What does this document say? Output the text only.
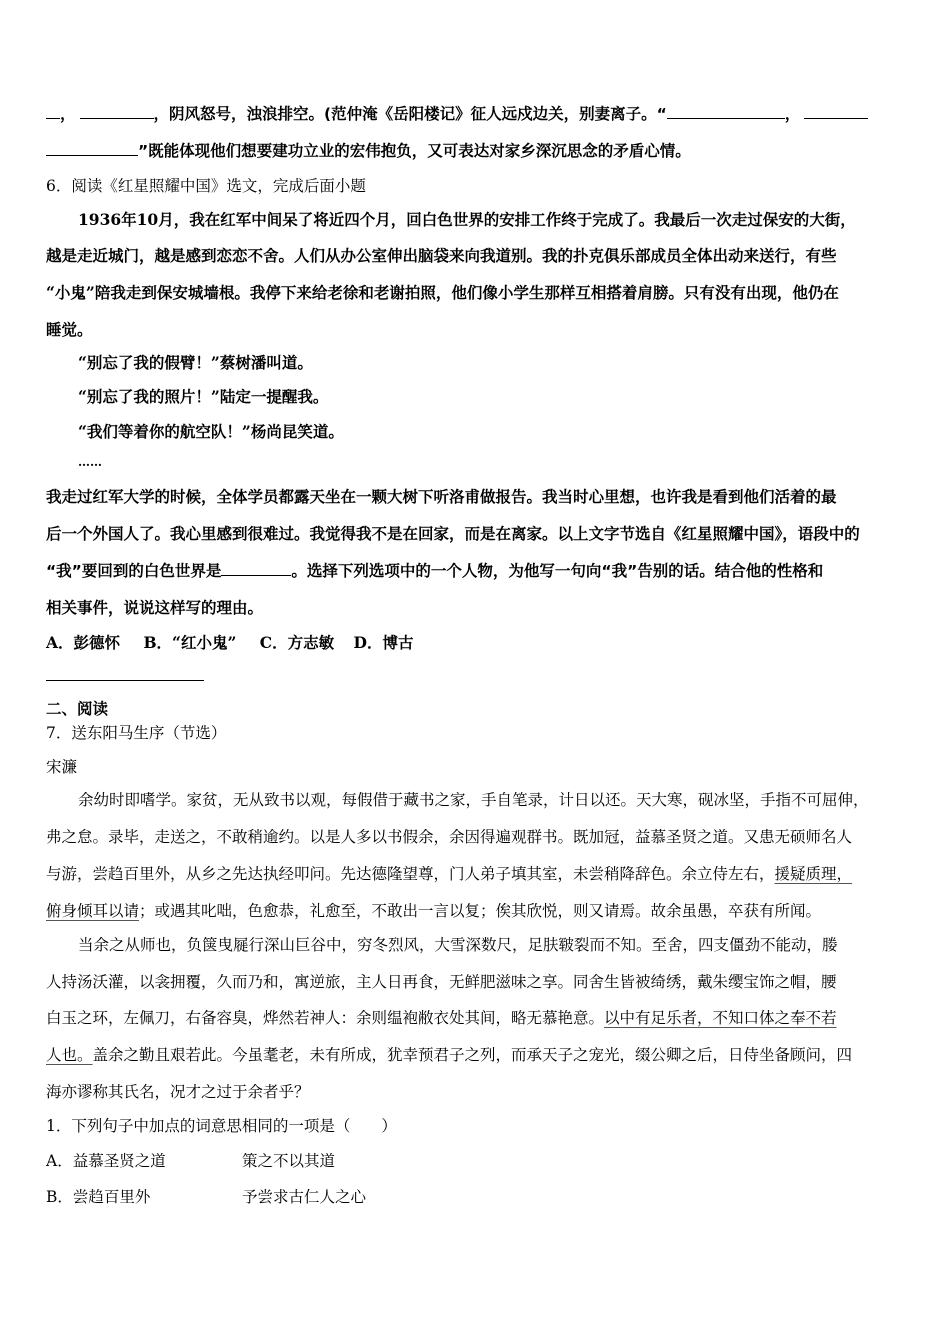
，	，阴风怒号，浊浪排空。(范仲淹《岳阳楼记》征人远戍边关，别妻离子。“	，
”既能体现他们想要建功立业的宏伟抱负，又可表达对家乡深沉思念的矛盾心情。
6．阅读《红星照耀中国》选文，完成后面小题
1936年10月，我在红军中间呆了将近四个月，回白色世界的安排工作终于完成了。我最后一次走过保安的大街，
越是走近城门，越是感到恋恋不舍。人们从办公室伸出脑袋来向我道别。我的扑克俱乐部成员全体出动来送行，有些
“小鬼”陪我走到保安城墙根。我停下来给老徐和老谢拍照，他们像小学生那样互相搭着肩膀。只有没有出现，他仍在
睡觉。
“别忘了我的假臂！”蔡树潘叫道。
“别忘了我的照片！”陆定一提醒我。
“我们等着你的航空队！”杨尚昆笑道。
……
我走过红军大学的时候，全体学员都露天坐在一颗大树下听洛甫做报告。我当时心里想，也许我是看到他们活着的最
后一个外国人了。我心里感到很难过。我觉得我不是在回家，而是在离家。以上文字节选自《红星照耀中国》，语段中的
“我”要回到的白色世界是	。选择下列选项中的一个人物，为他写一句向“我”告别的话。结合他的性格和
相关事件，说说这样写的理由。
A．彭德怀 B．“红小鬼” C．方志敏 D．博古
二、阅读
7．送东阳马生序（节选）
宋濂
余幼时即嗜学。家贫，无从致书以观，每假借于藏书之家，手自笔录，计日以还。天大寒，砚冰坚，手指不可屈伸，
弗之怠。录毕，走送之，不敢稍逾约。以是人多以书假余，余因得遍观群书。既加冠，益慕圣贤之道。又患无硕师名人
与游，尝趋百里外，从乡之先达执经叩问。先达德隆望尊，门人弟子填其室，未尝稍降辞色。余立侍左右，援疑质理，
俯身倾耳以请；或遇其叱咄，色愈恭，礼愈至，不敢出一言以复；俟其欣悦，则又请焉。故余虽愚，卒获有所闻。
当余之从师也，负箧曳屣行深山巨谷中，穷冬烈风，大雪深数尺，足肤皲裂而不知。至舍，四支僵劲不能动，媵
人持汤沃灌，以衾拥覆，久而乃和，寓逆旅，主人日再食，无鲜肥滋味之享。同舍生皆被绮绣，戴朱缨宝饰之帽，腰
白玉之环，左佩刀，右备容臭，烨然若神人：余则缊袍敝衣处其间，略无慕艳意。以中有足乐者，不知口体之奉不若
人也。盖余之勤且艰若此。今虽耄老，未有所成，犹幸预君子之列，而承天子之宠光，缀公卿之后，日侍坐备顾问，四
海亦谬称其氏名，况才之过于余者乎？
1．下列句子中加点的词意思相同的一项是（　　）
A．益慕圣贤之道	策之不以其道
B．尝趋百里外	予尝求古仁人之心
